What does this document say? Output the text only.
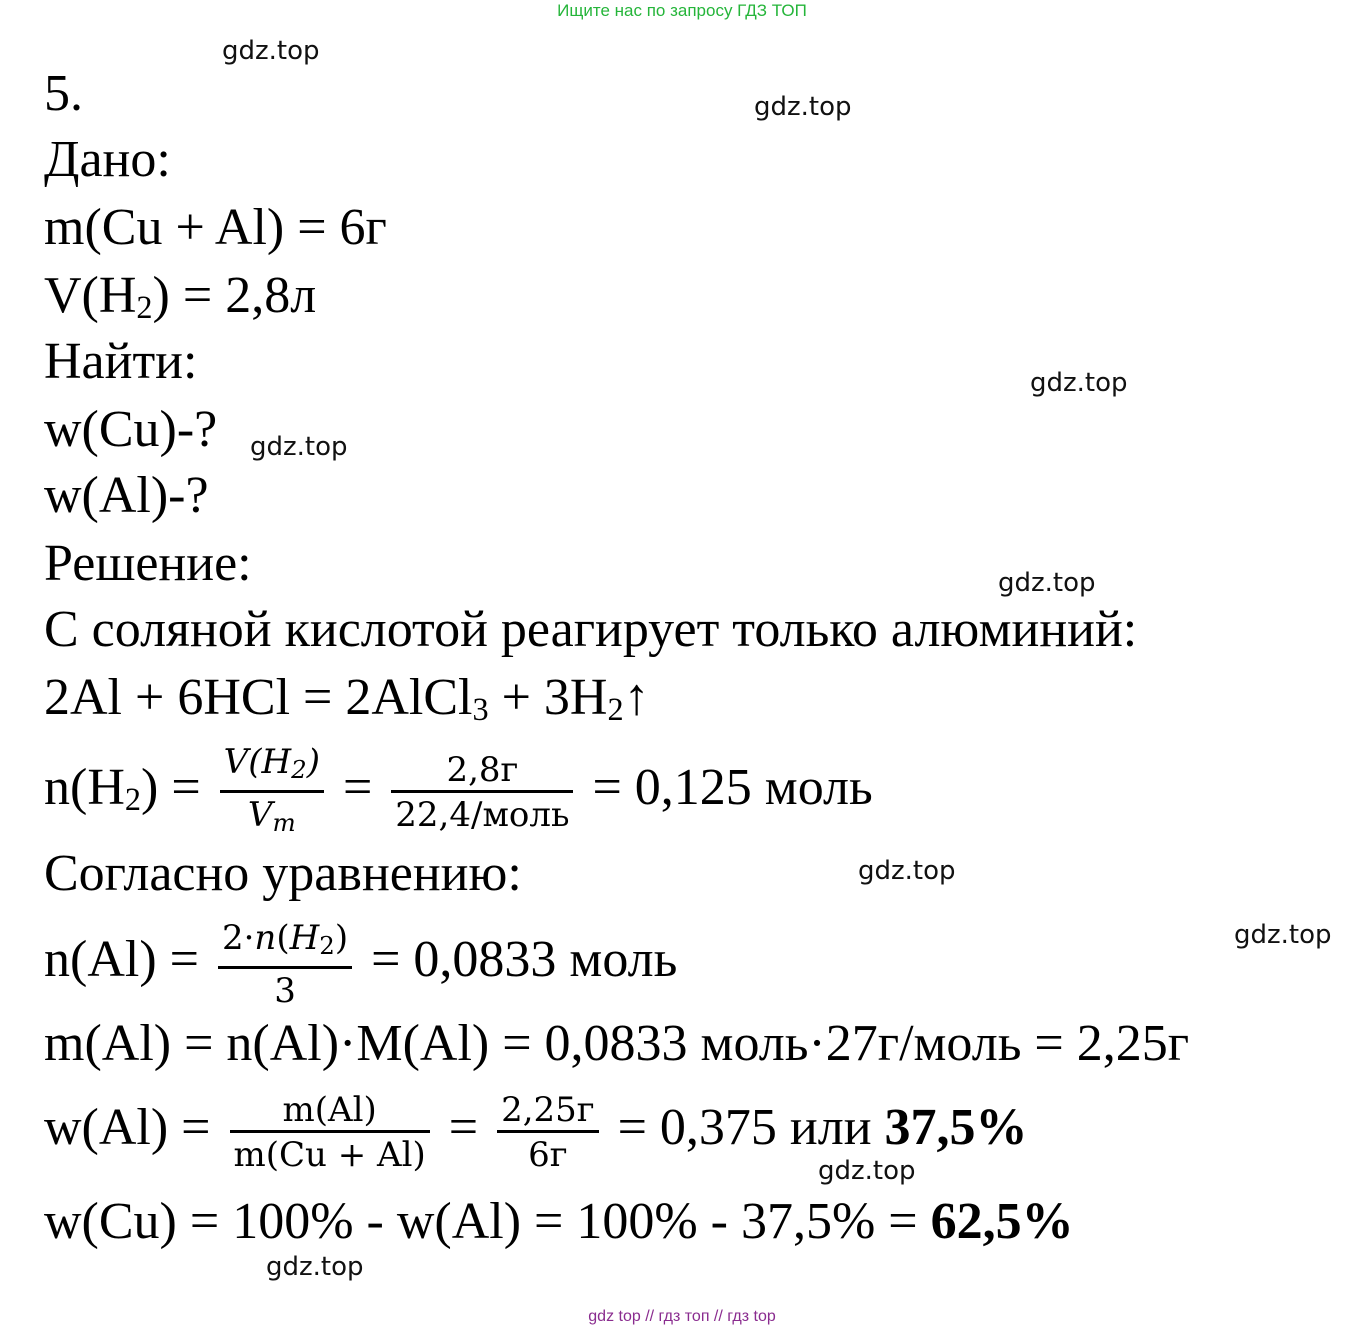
Ищите нас по запросу ГДЗ ТОП
gdz.top
gdz.top
gdz.top
gdz.top
gdz.top
gdz.top
gdz.top
gdz.top
gdz.top
5.
Дано:
m(Cu + Al) = 6г
V(H2) = 2,8л
Найти:
w(Cu)-?
w(Al)-?
Решение:
С соляной кислотой реагирует только алюминий:
2Al + 6HCl = 2AlCl3 + 3H2↑
$n(H2) = \frac{V(H2)}{Vm} = \frac{2,8г}{\text{22,4/моль}} = 0,125$ моль
Согласно уравнению:
$n(Al) = \frac{2\cdot n(H2)}{3} = 0,0833$ моль
m(Al) = n(Al)·M(Al) = 0,0833 моль·27г/моль = 2,25г
$w(Al) = \frac{m(Al)}{m(Cu + Al)} = \frac{2,25г}{6г} = 0,375$ или 37,5%
w(Cu) = 100% - w(Al) = 100% - 37,5% = 62,5%
gdz top // гдз топ // гдз top
